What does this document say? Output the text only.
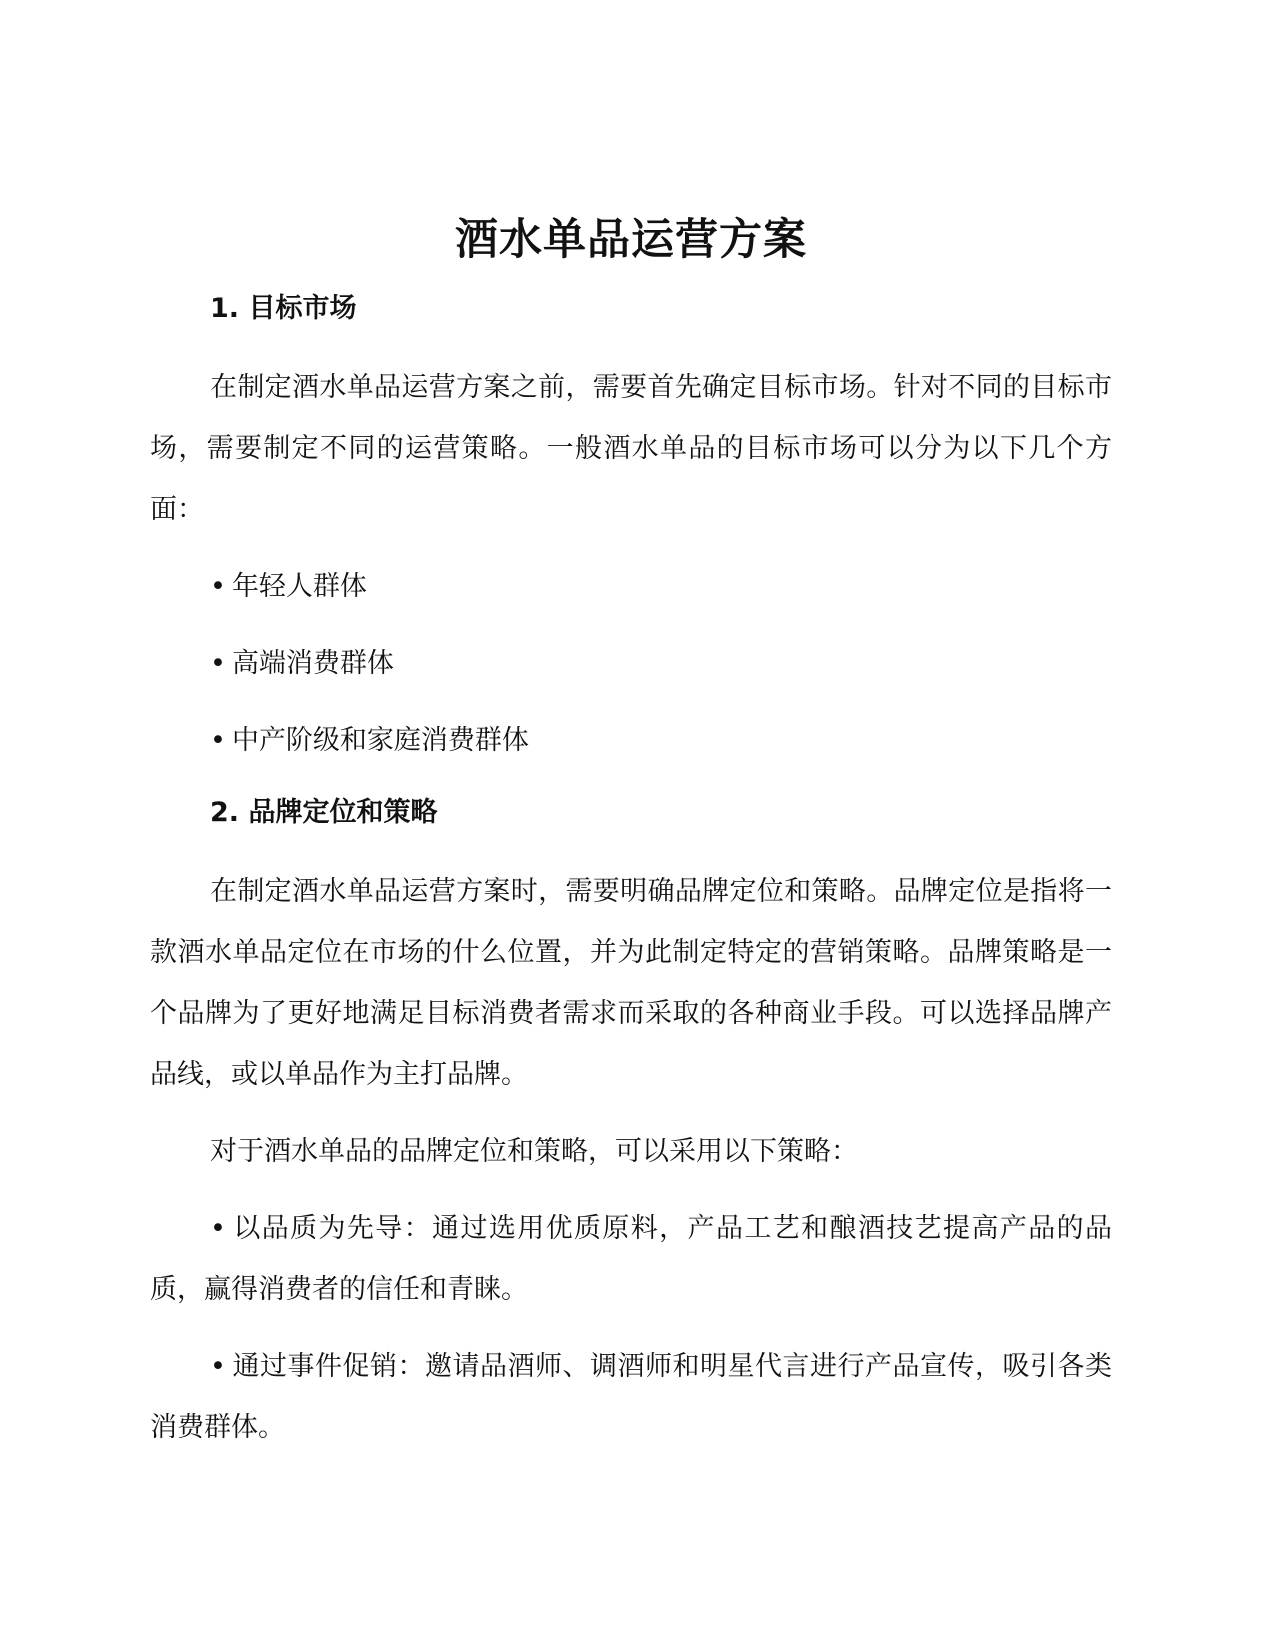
酒水单品运营方案
1. 目标市场

在制定酒水单品运营方案之前，需要首先确定目标市场。针对不同的目标市场，需要制定不同的运营策略。一般酒水单品的目标市场可以分为以下几个方面：

• 年轻人群体

• 高端消费群体

• 中产阶级和家庭消费群体

2. 品牌定位和策略

在制定酒水单品运营方案时，需要明确品牌定位和策略。品牌定位是指将一款酒水单品定位在市场的什么位置，并为此制定特定的营销策略。品牌策略是一个品牌为了更好地满足目标消费者需求而采取的各种商业手段。可以选择品牌产品线，或以单品作为主打品牌。

对于酒水单品的品牌定位和策略，可以采用以下策略：

• 以品质为先导：通过选用优质原料，产品工艺和酿酒技艺提高产品的品质，赢得消费者的信任和青睐。

• 通过事件促销：邀请品酒师、调酒师和明星代言进行产品宣传，吸引各类消费群体。
